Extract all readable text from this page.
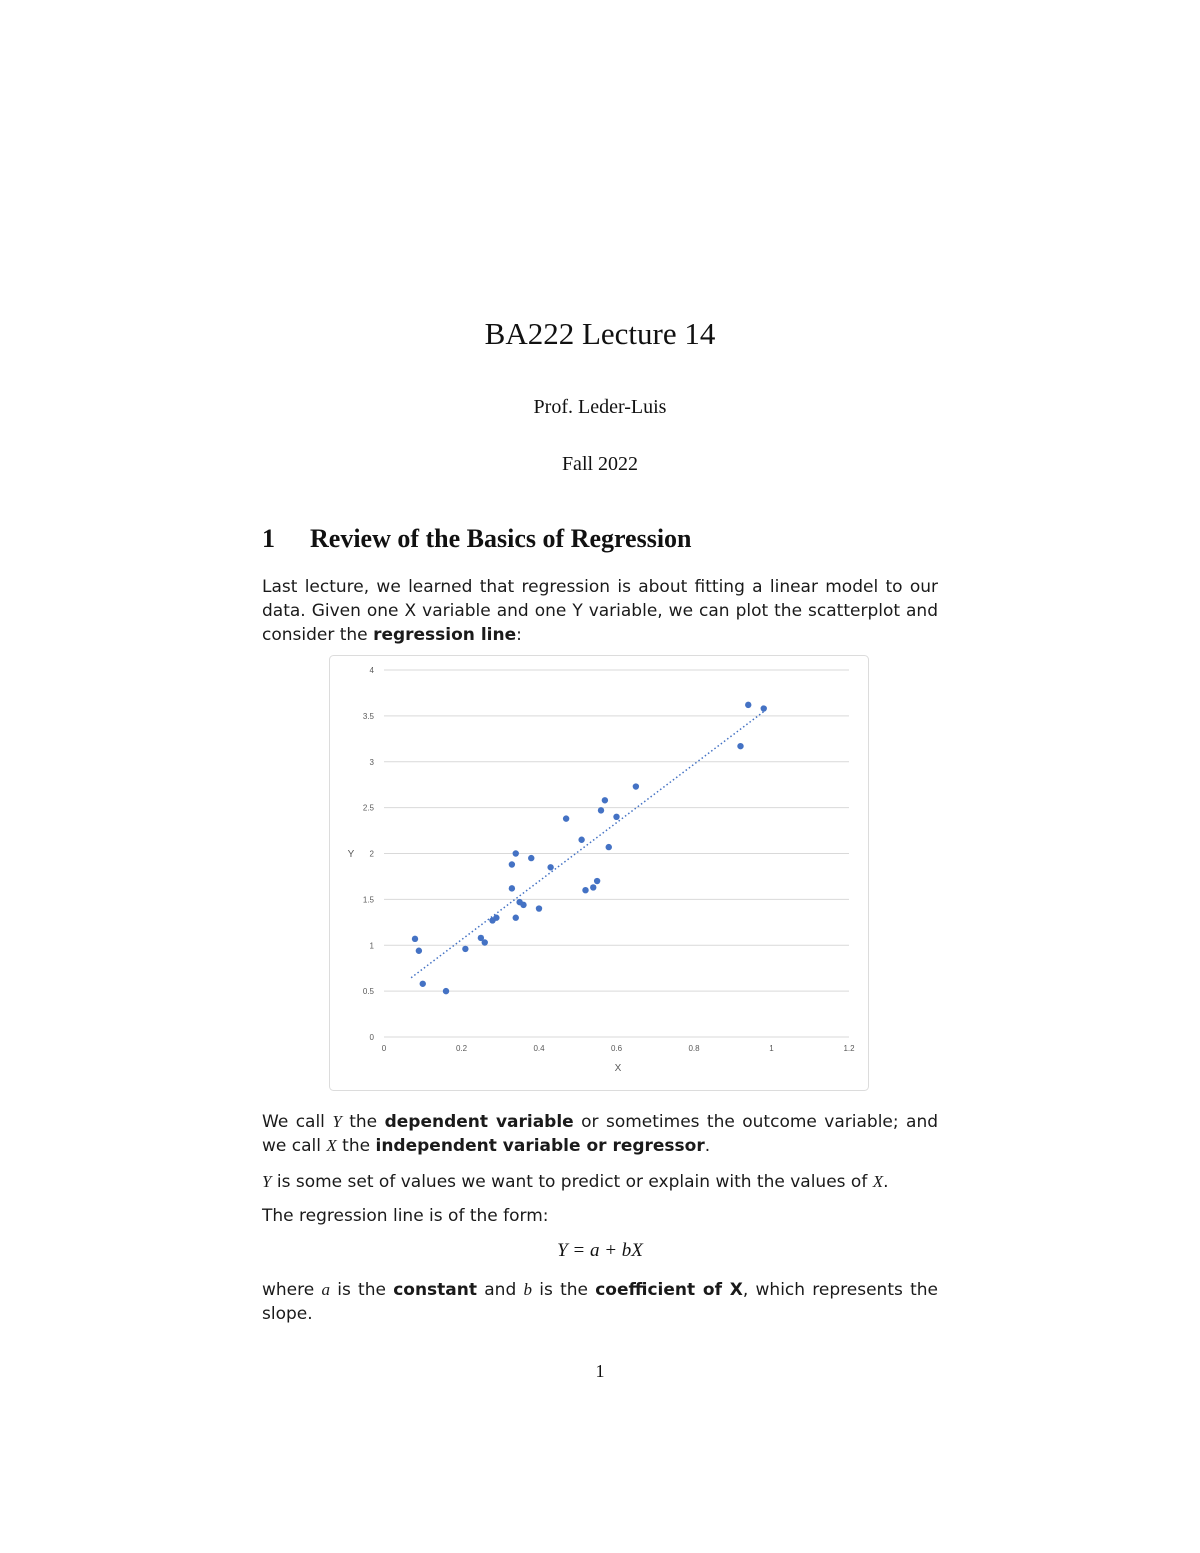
BA222 Lecture 14
Prof. Leder-Luis
Fall 2022
1 Review of the Basics of Regression
Last lecture, we learned that regression is about fitting a linear model to our data. Given one X variable and one Y variable, we can plot the scatterplot and consider the regression line:
0
0.5
1
1.5
2
2.5
3
3.5
4
0	0.2	0.4	0.6	0.8	1	1.2
X
Y
We call Y the dependent variable or sometimes the outcome variable; and we call X the independent variable or regressor.
Y is some set of values we want to predict or explain with the values of X.
The regression line is of the form:
Y = a + bX
where a is the constant and b is the coefficient of X, which represents the slope.
1
